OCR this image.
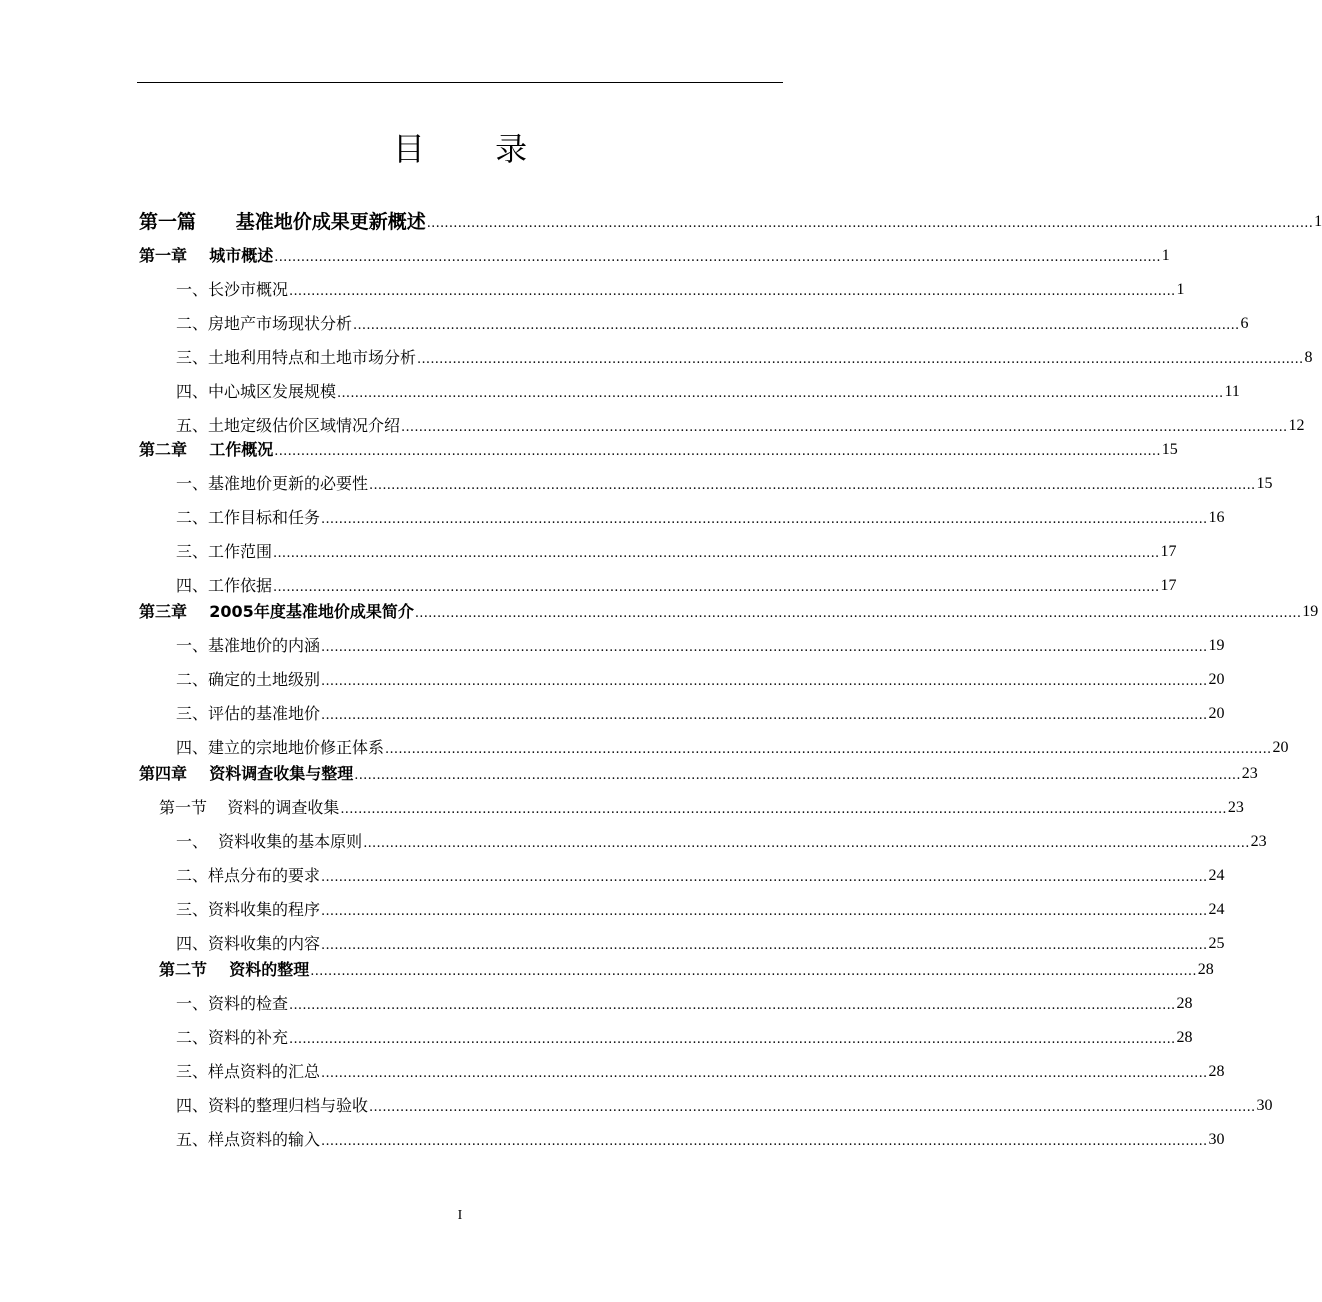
目 录
第一篇      基准地价成果更新概述 ........................................................................................................................................................................................................ 1
第一章    城市概述 ........................................................................................................................................................................................................ 1
一、长沙市概况 ........................................................................................................................................................................................................ 1
二、房地产市场现状分析 ........................................................................................................................................................................................................ 6
三、土地利用特点和土地市场分析 ........................................................................................................................................................................................................ 8
四、中心城区发展规模 ........................................................................................................................................................................................................ 11
五、土地定级估价区域情况介绍 ........................................................................................................................................................................................................ 12
第二章    工作概况 ........................................................................................................................................................................................................ 15
一、基准地价更新的必要性 ........................................................................................................................................................................................................ 15
二、工作目标和任务 ........................................................................................................................................................................................................ 16
三、工作范围 ........................................................................................................................................................................................................ 17
四、工作依据 ........................................................................................................................................................................................................ 17
第三章    2005年度基准地价成果简介 ........................................................................................................................................................................................................ 19
一、基准地价的内涵 ........................................................................................................................................................................................................ 19
二、确定的土地级别 ........................................................................................................................................................................................................ 20
三、评估的基准地价 ........................................................................................................................................................................................................ 20
四、建立的宗地地价修正体系 ........................................................................................................................................................................................................ 20
第四章    资料调查收集与整理 ........................................................................................................................................................................................................ 23
第一节    资料的调查收集 ........................................................................................................................................................................................................ 23
一、  资料收集的基本原则 ........................................................................................................................................................................................................ 23
二、样点分布的要求 ........................................................................................................................................................................................................ 24
三、资料收集的程序 ........................................................................................................................................................................................................ 24
四、资料收集的内容 ........................................................................................................................................................................................................ 25
第二节    资料的整理 ........................................................................................................................................................................................................ 28
一、资料的检查 ........................................................................................................................................................................................................ 28
二、资料的补充 ........................................................................................................................................................................................................ 28
三、样点资料的汇总 ........................................................................................................................................................................................................ 28
四、资料的整理归档与验收 ........................................................................................................................................................................................................ 30
五、样点资料的输入 ........................................................................................................................................................................................................ 30
I
